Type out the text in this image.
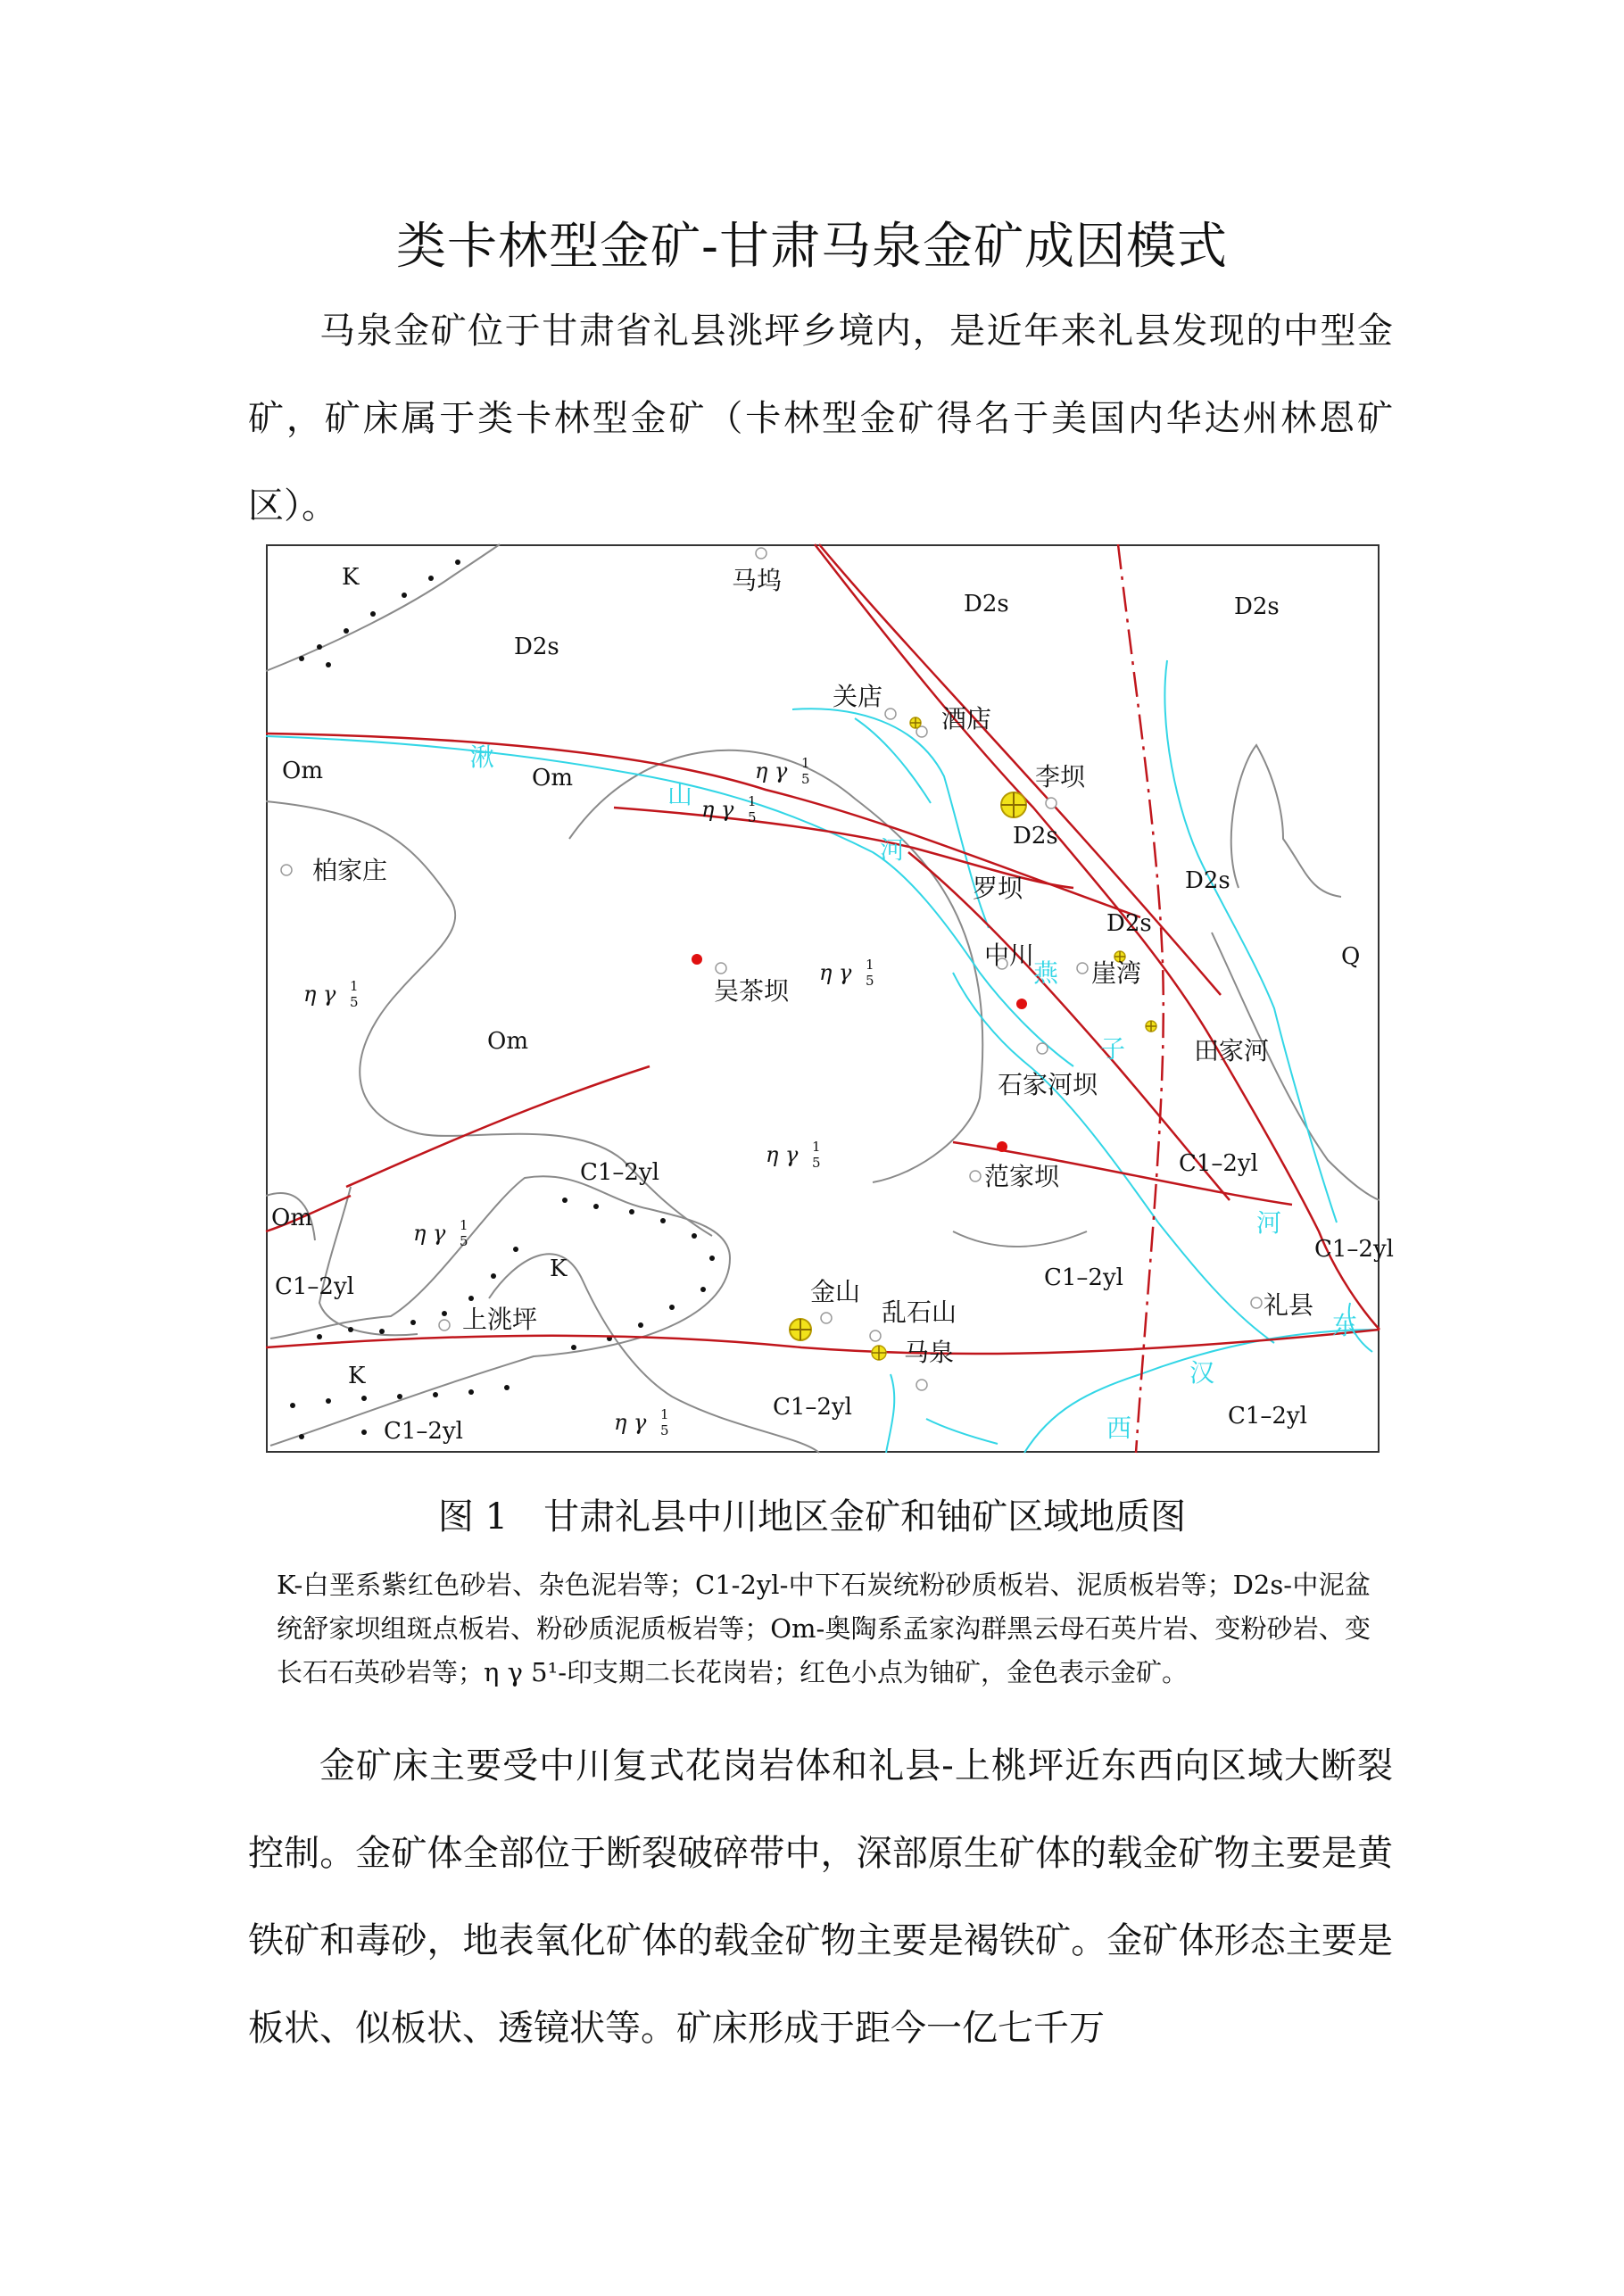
类卡林型金矿-甘肃马泉金矿成因模式

马泉金矿位于甘肃省礼县洮坪乡境内，是近年来礼县发现的中型金矿，矿床属于类卡林型金矿（卡林型金矿得名于美国内华达州林恩矿区）。

湫
山
河
燕
子
河
东
汉
西
马坞
关店
酒店
李坝
柏家庄
吴茶坝
罗坝
中川
崖湾
田家河
石家河坝
范家坝
金山
乱石山
马泉
上洮坪	礼县
K
K
K
D2s
D2s	D2s
D2s
D2s
D2s
Om	Om
Om
Om
Q
C1–2yl	C1–2yl
C1–2yl
C1–2yl	C1–2yl
C1–2yl
C1–2yl
C1–2yl
η γ 1
5
η γ 1
5
η γ 1
5
η γ 1
5
η γ 1
5
η γ 1
5
η γ 1
5

图 1　甘肃礼县中川地区金矿和铀矿区域地质图

K-白垩系紫红色砂岩、杂色泥岩等；C1-2yl-中下石炭统粉砂质板岩、泥质板岩等；D2s-中泥盆统舒家坝组斑点板岩、粉砂质泥质板岩等；Om-奥陶系孟家沟群黑云母石英片岩、变粉砂岩、变长石石英砂岩等；η γ 5¹-印支期二长花岗岩；红色小点为铀矿，金色表示金矿。

金矿床主要受中川复式花岗岩体和礼县-上桃坪近东西向区域大断裂控制。金矿体全部位于断裂破碎带中，深部原生矿体的载金矿物主要是黄铁矿和毒砂，地表氧化矿体的载金矿物主要是褐铁矿。金矿体形态主要是板状、似板状、透镜状等。矿床形成于距今一亿七千万
